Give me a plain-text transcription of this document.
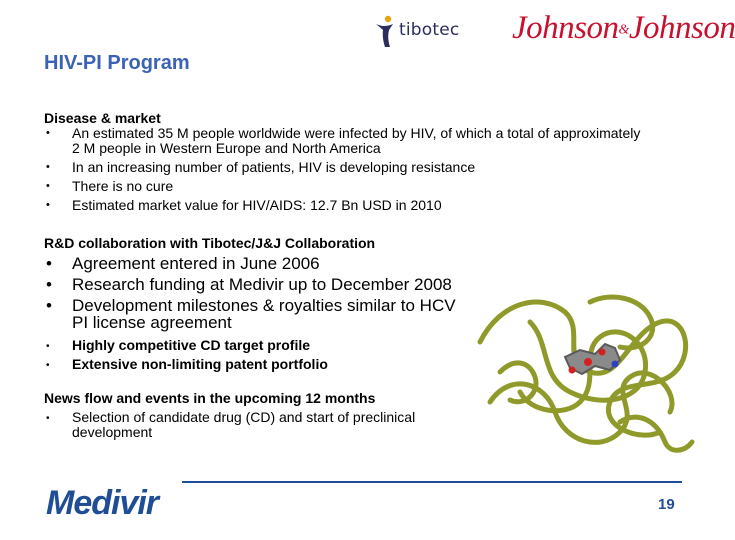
tibotec Johnson&Johnson
HIV-PI Program
Disease & market
• An estimated 35 M people worldwide were infected by HIV, of which a total of approximately 2 M people in Western Europe and North America
• In an increasing number of patients, HIV is developing resistance
• There is no cure
• Estimated market value for HIV/AIDS: 12.7 Bn USD in 2010
R&D collaboration with Tibotec/J&J Collaboration
• Agreement entered in June 2006
• Research funding at Medivir up to December 2008
• Development milestones & royalties similar to HCV PI license agreement
• Highly competitive CD target profile
• Extensive non-limiting patent portfolio
News flow and events in the upcoming 12 months
• Selection of candidate drug (CD) and start of preclinical development
Medivir	19
